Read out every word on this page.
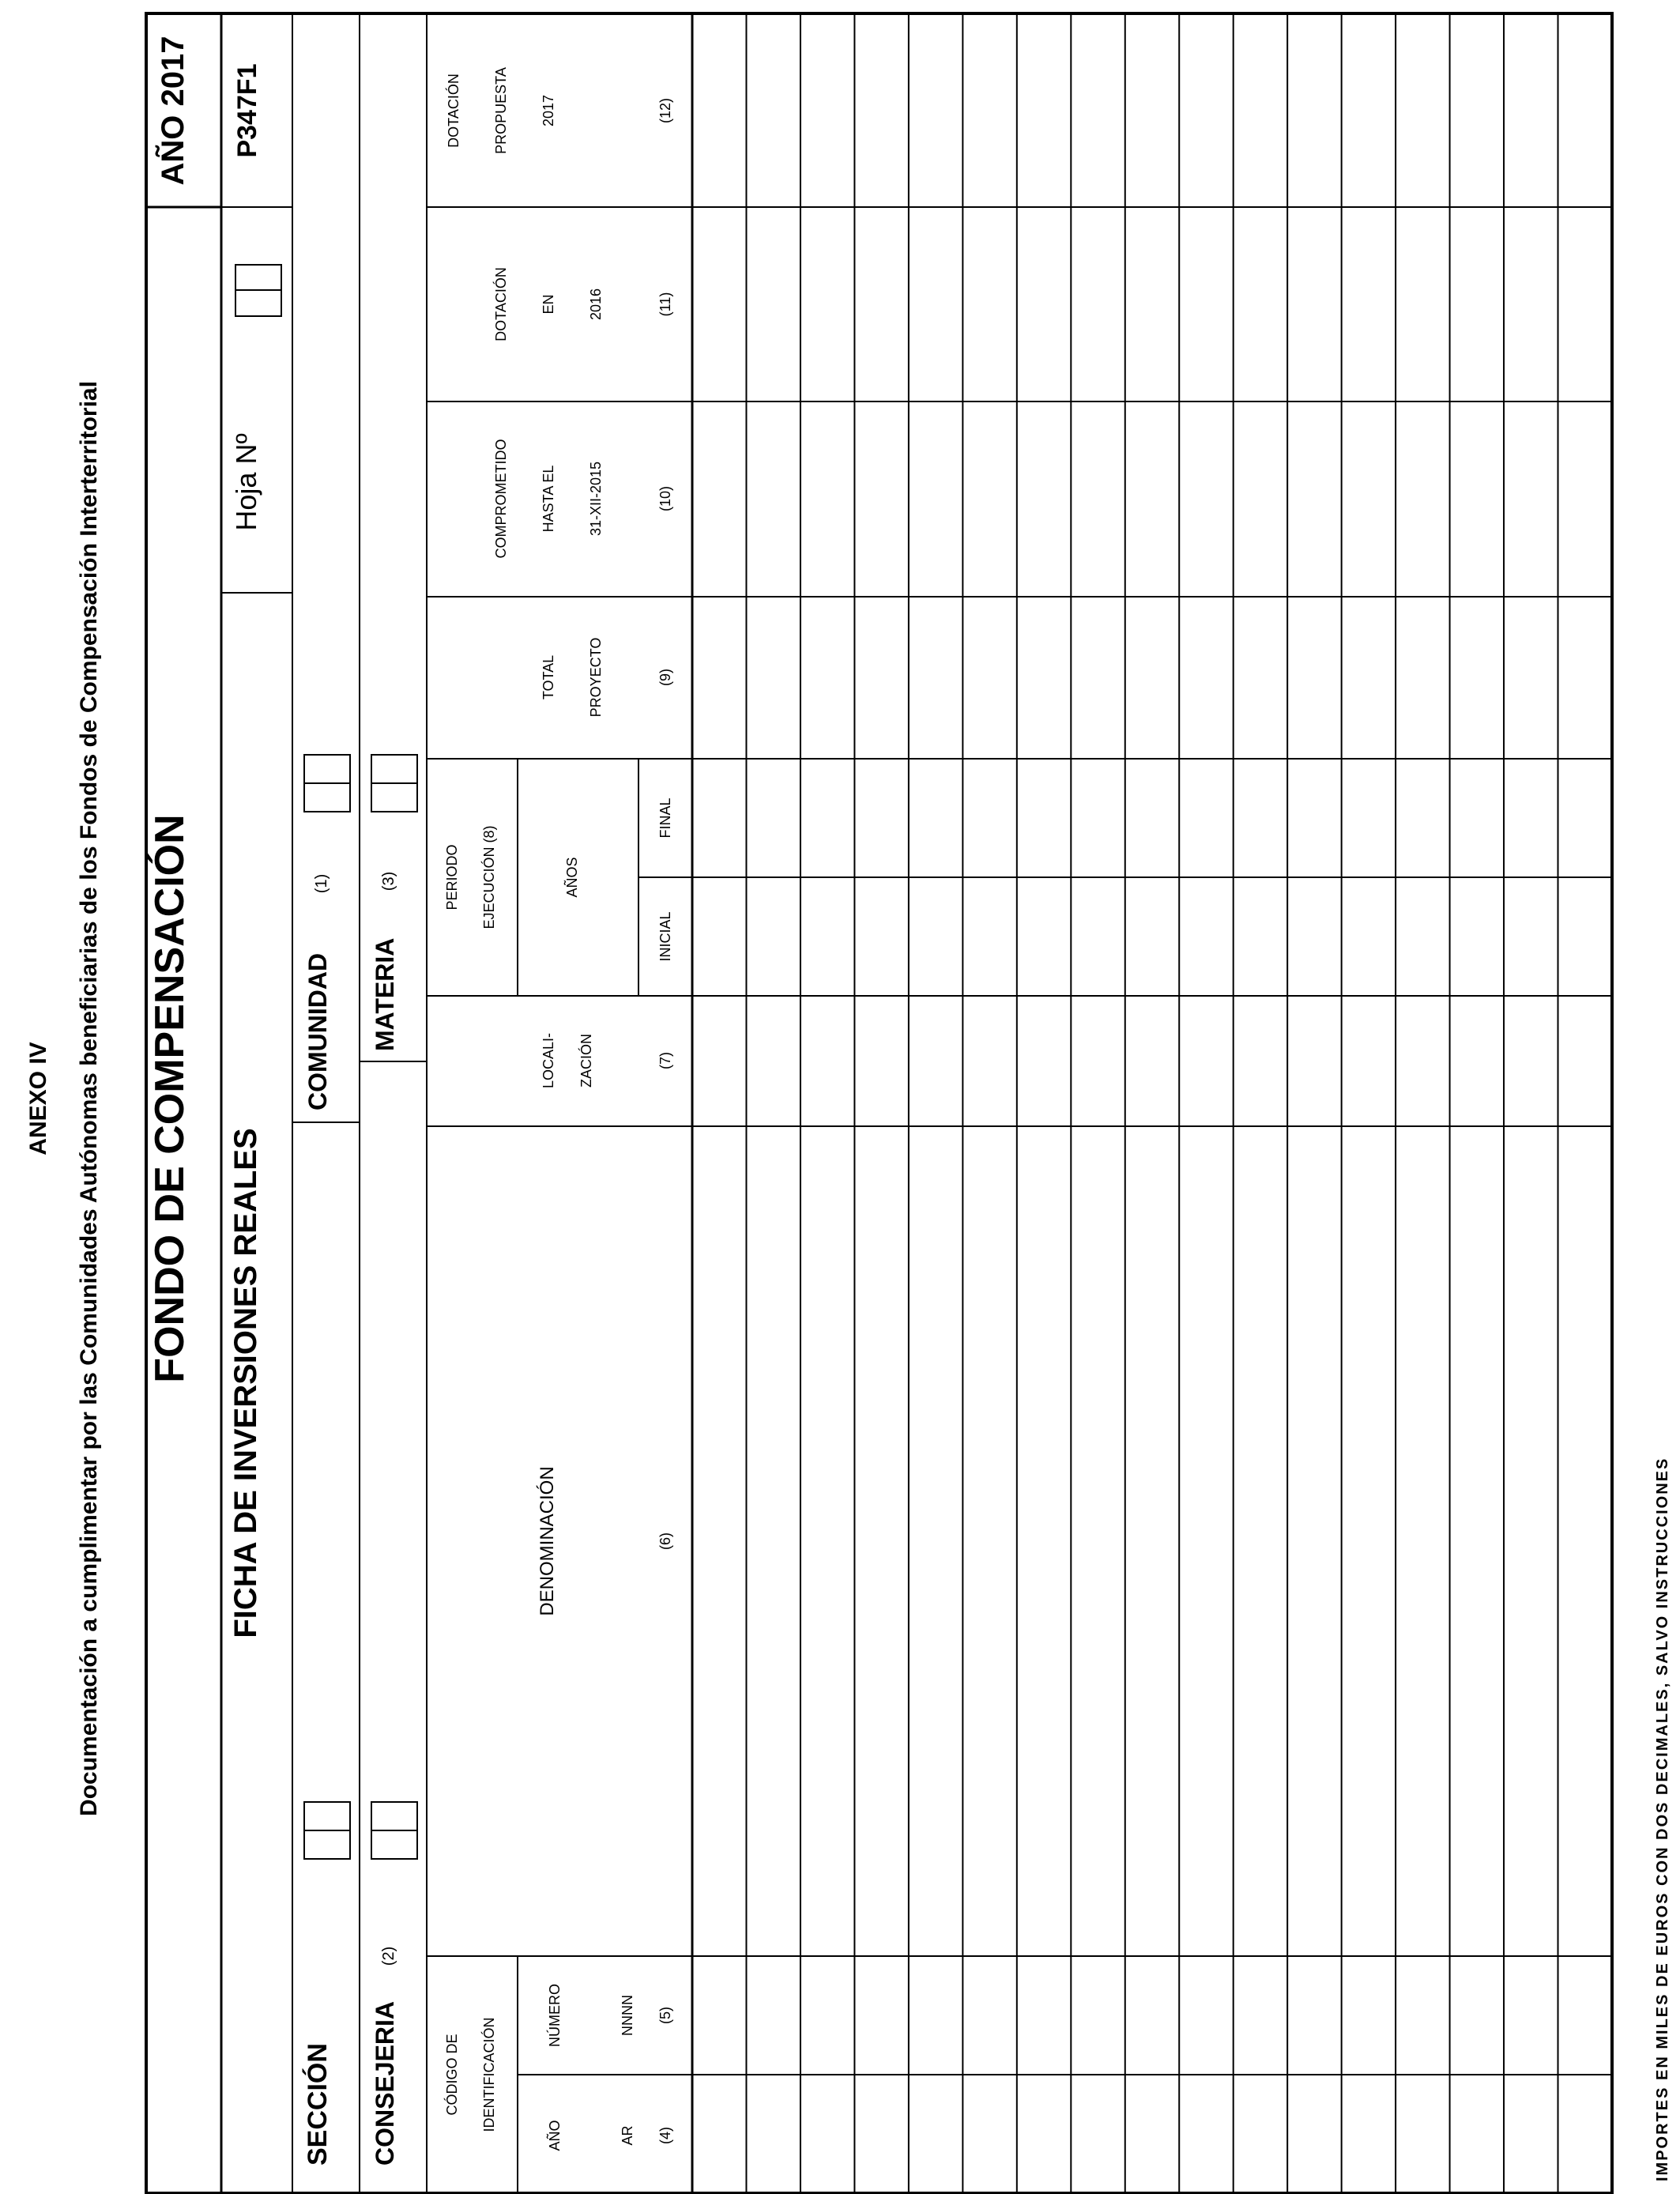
ANEXO IV Documentación a cumplimentar por las Comunidades Autónomas beneficiarias de los Fondos de Compensación Interterritorial FONDO DE COMPENSACIÓN
AÑO 2017 P347F1
Hoja Nº
FICHA DE INVERSIONES REALES
SECCIÓN
COMUNIDAD
(1)
CONSEJERIA
(2)
MATERIA
(3)
CÓDIGO DE IDENTIFICACIÓN
AÑO	AR (4)
NÚMERO	NNNN (5)
DENOMINACIÓN	(6)
LOCALI- ZACIÓN	(7)
PERIODO EJECUCIÓN (8)	AÑOS
INICIAL
FINAL
TOTAL PROYECTO	(9)
COMPROMETIDO HASTA EL 31-XII-2015	(10)
DOTACIÓN EN 2016	(11)
DOTACIÓN PROPUESTA 2017	(12)
IMPORTES EN MILES DE EUROS CON DOS DECIMALES, SALVO INSTRUCCIONES
